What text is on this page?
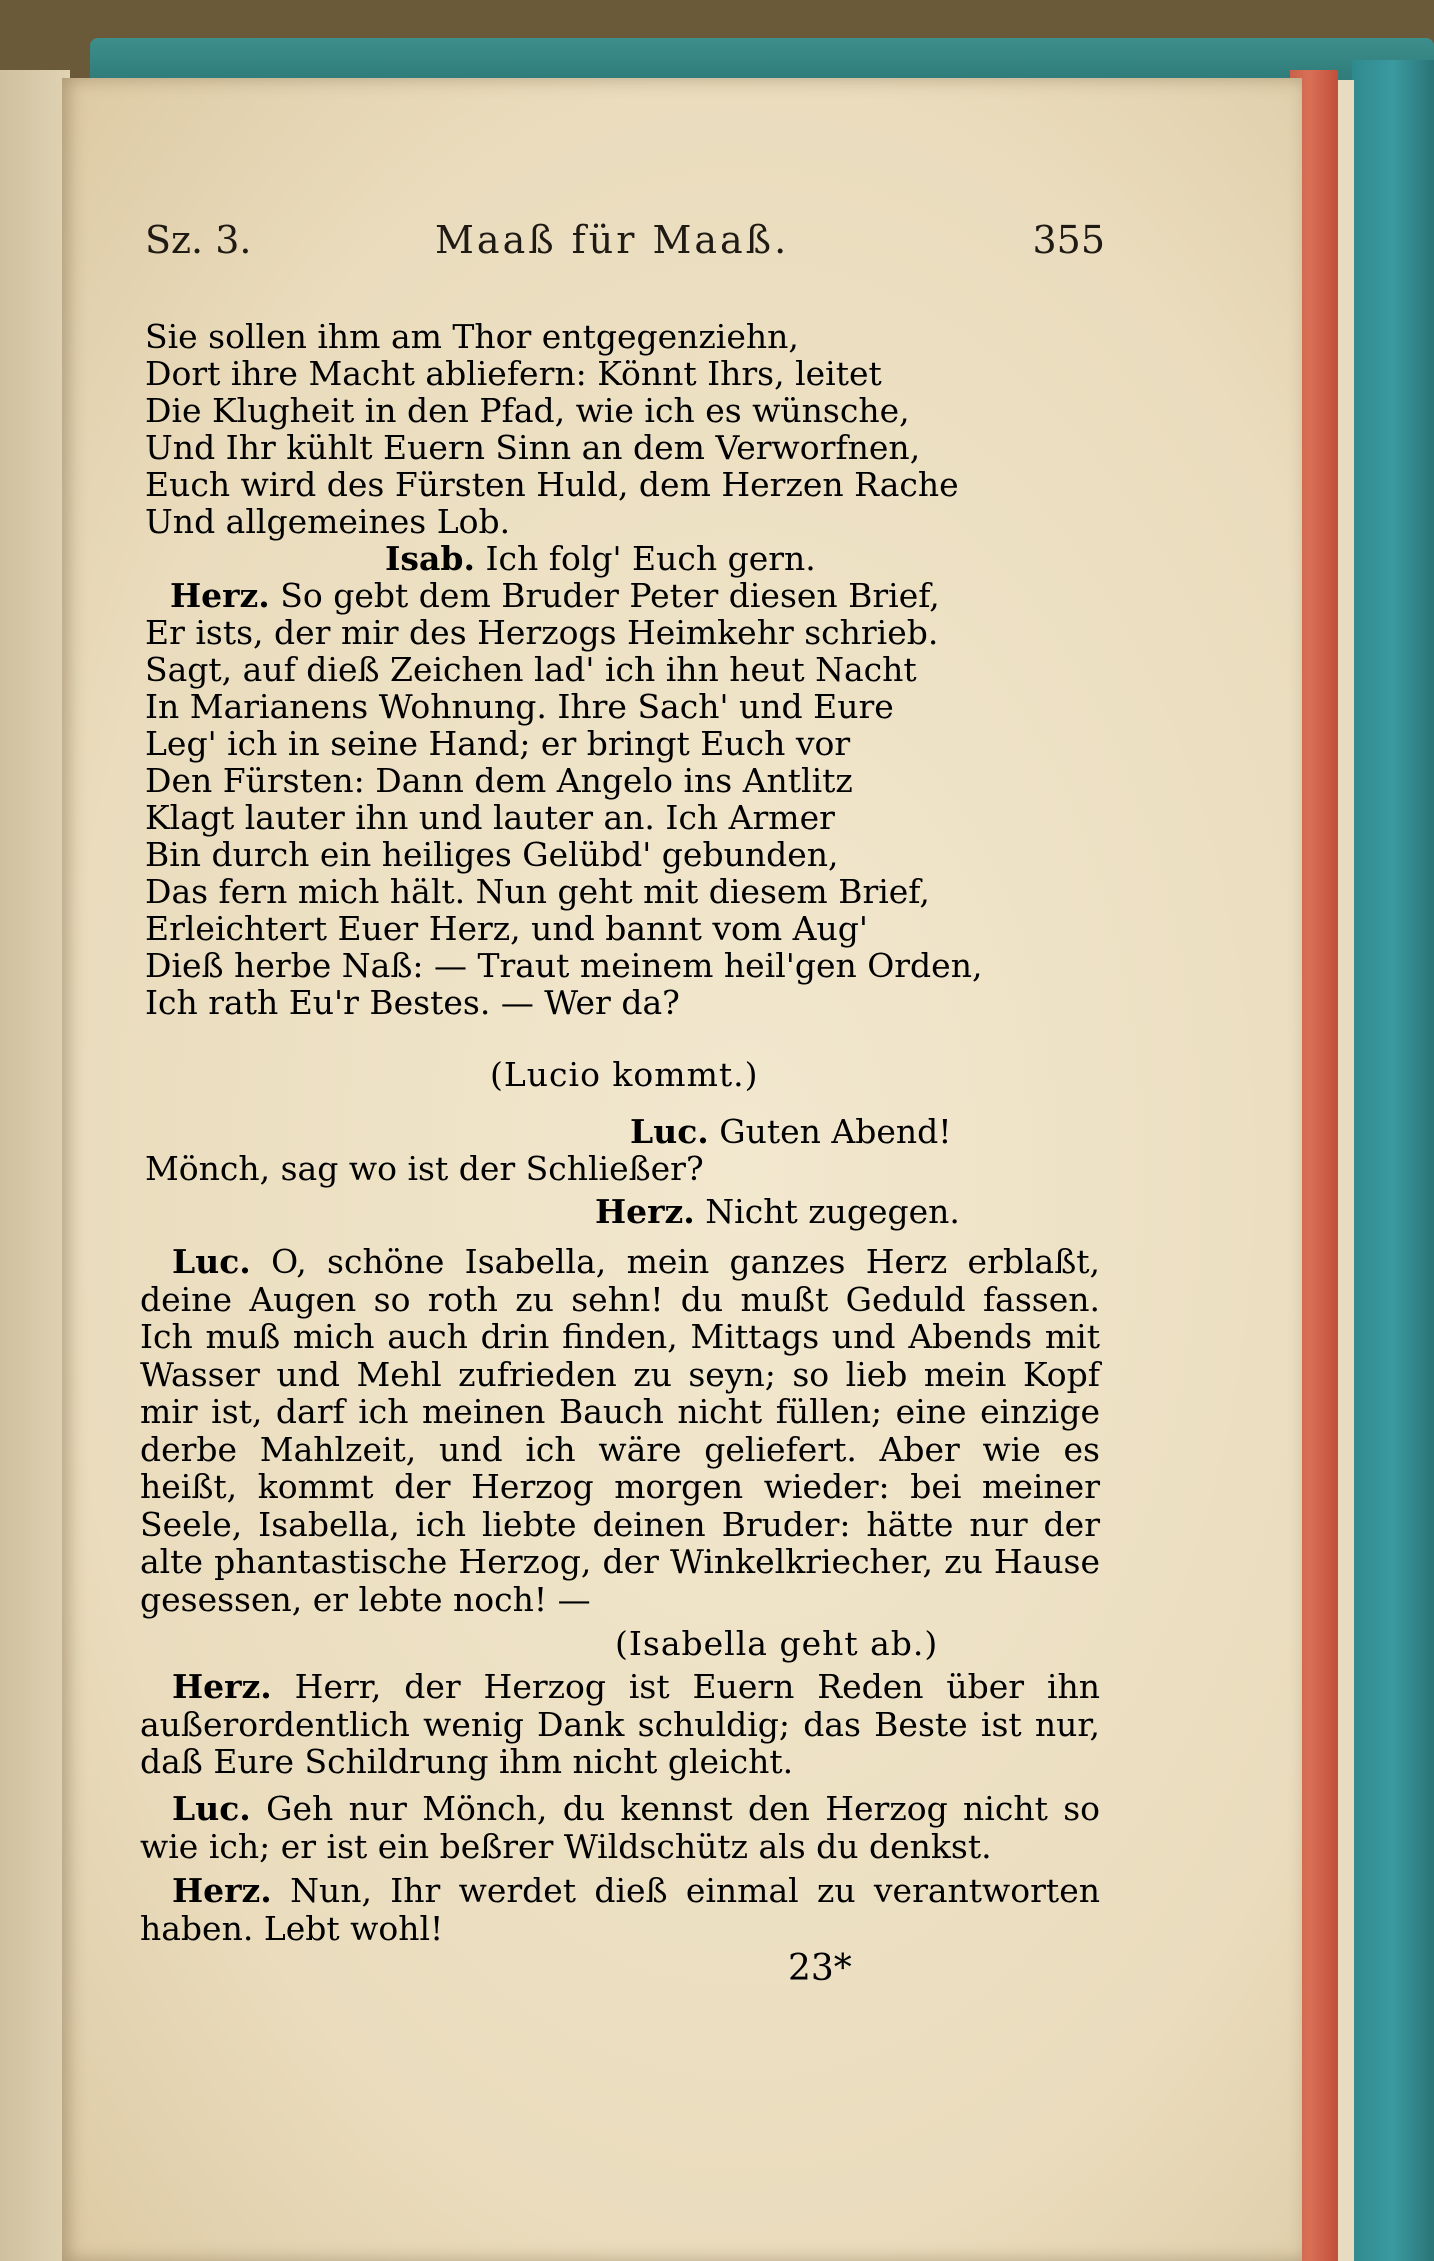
Sz. 3.	Maaß für Maaß.	355
Sie sollen ihm am Thor entgegenziehn,
Dort ihre Macht abliefern: Könnt Ihrs, leitet
Die Klugheit in den Pfad, wie ich es wünsche,
Und Ihr kühlt Euern Sinn an dem Verworfnen,
Euch wird des Fürsten Huld, dem Herzen Rache
Und allgemeines Lob.
Isab. Ich folg' Euch gern.
Herz. So gebt dem Bruder Peter diesen Brief,
Er ists, der mir des Herzogs Heimkehr schrieb.
Sagt, auf dieß Zeichen lad' ich ihn heut Nacht
In Marianens Wohnung. Ihre Sach' und Eure
Leg' ich in seine Hand; er bringt Euch vor
Den Fürsten: Dann dem Angelo ins Antlitz
Klagt lauter ihn und lauter an. Ich Armer
Bin durch ein heiliges Gelübd' gebunden,
Das fern mich hält. Nun geht mit diesem Brief,
Erleichtert Euer Herz, und bannt vom Aug'
Dieß herbe Naß: — Traut meinem heil'gen Orden,
Ich rath Eu'r Bestes. — Wer da?
(Lucio kommt.)
Luc. Guten Abend!
Mönch, sag wo ist der Schließer?
Herz. Nicht zugegen.
Luc. O, schöne Isabella, mein ganzes Herz erblaßt, deine Augen so roth zu sehn! du mußt Geduld fassen. Ich muß mich auch drin finden, Mittags und Abends mit Wasser und Mehl zufrieden zu seyn; so lieb mein Kopf mir ist, darf ich meinen Bauch nicht füllen; eine einzige derbe Mahlzeit, und ich wäre geliefert. Aber wie es heißt, kommt der Herzog morgen wieder: bei meiner Seele, Isabella, ich liebte deinen Bruder: hätte nur der alte phantastische Herzog, der Winkelkriecher, zu Hause gesessen, er lebte noch! —
(Isabella geht ab.)
Herz. Herr, der Herzog ist Euern Reden über ihn außerordentlich wenig Dank schuldig; das Beste ist nur, daß Eure Schildrung ihm nicht gleicht.
Luc. Geh nur Mönch, du kennst den Herzog nicht so wie ich; er ist ein beßrer Wildschütz als du denkst.
Herz. Nun, Ihr werdet dieß einmal zu verantworten haben. Lebt wohl!
23*
